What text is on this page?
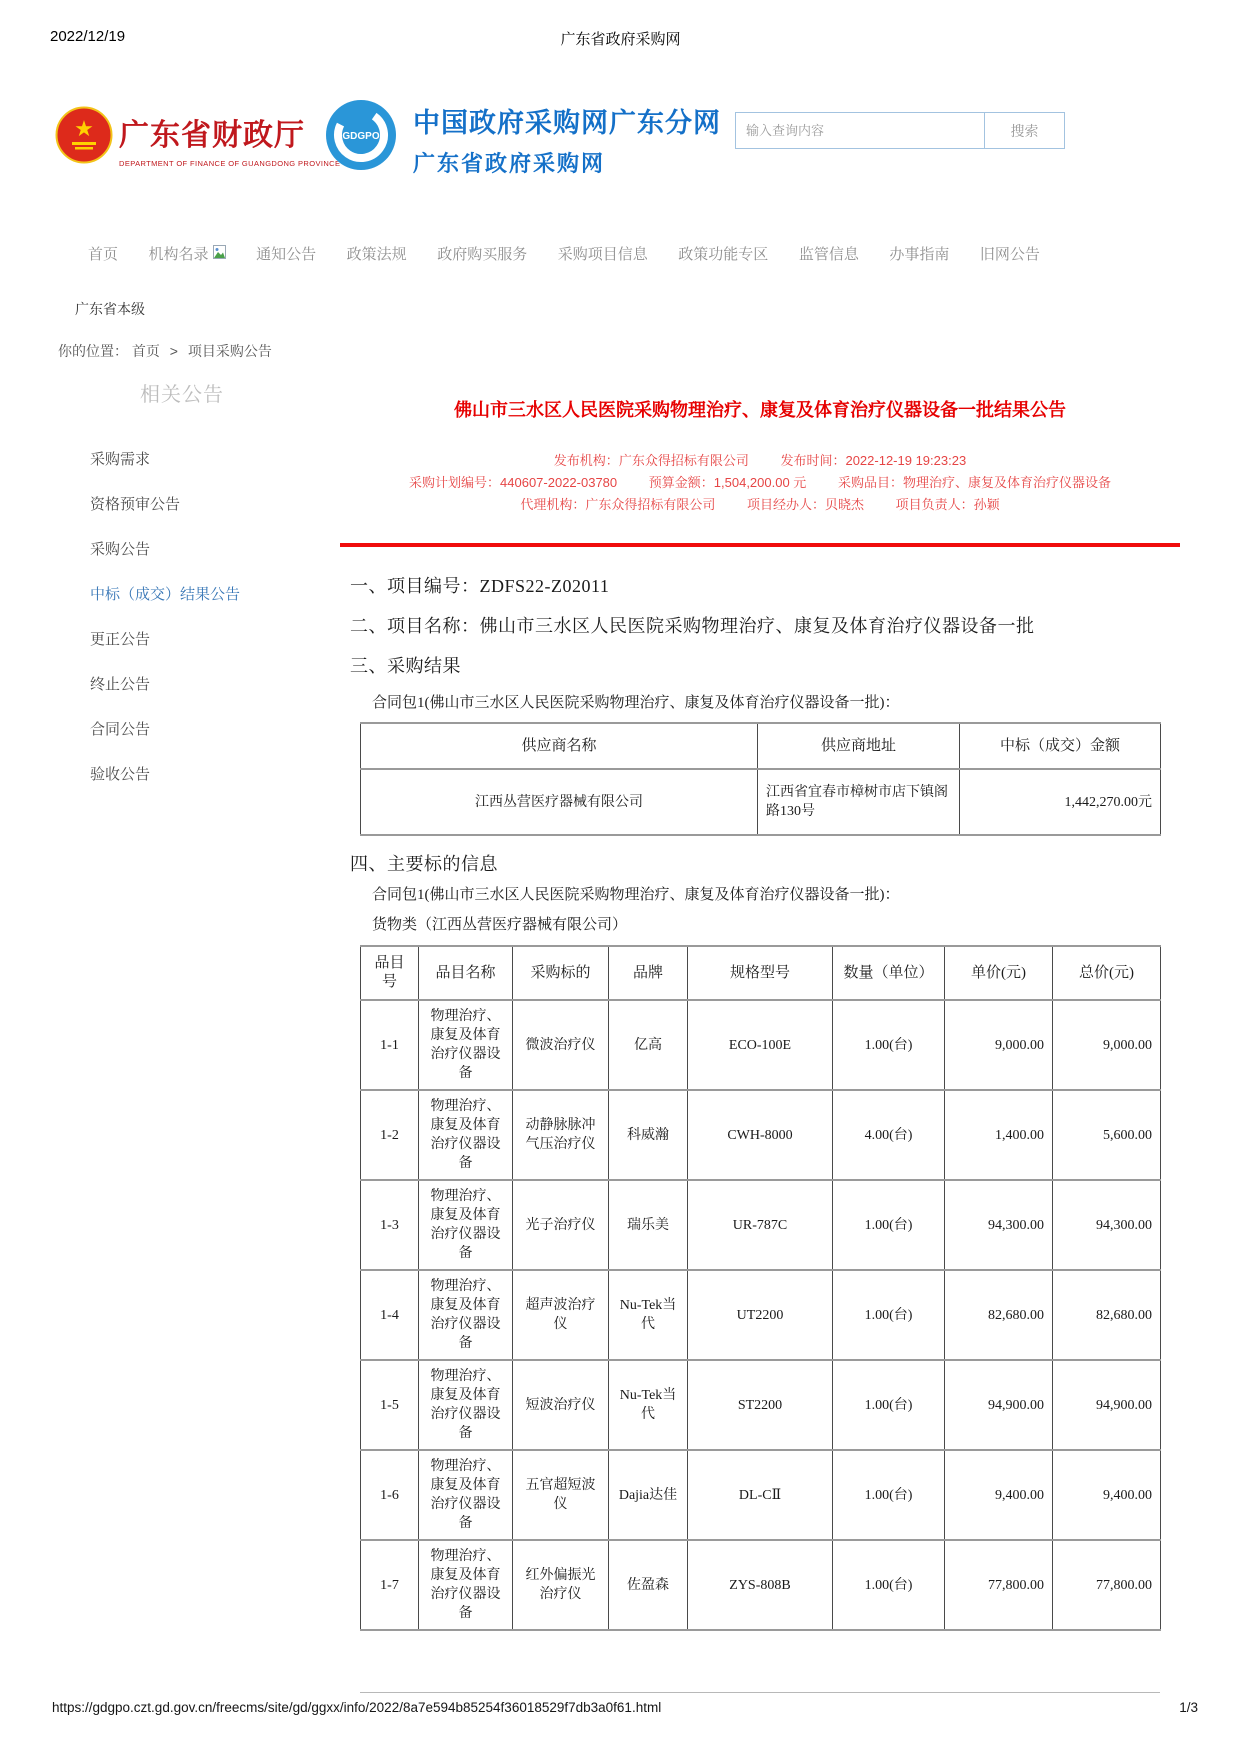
2022/12/19	广东省政府采购网
★ 广东省财政厅
DEPARTMENT OF FINANCE OF GUANGDONG PROVINCE
GDGPO 中国政府采购网广东分网
广东省政府采购网
输入查询内容
搜索
首页 机构名录	通知公告 政策法规 政府购买服务 采购项目信息 政策功能专区 监管信息 办事指南 旧网公告
广东省本级
你的位置： 首页 > 项目采购公告
相关公告
采购需求
资格预审公告
采购公告
中标（成交）结果公告
更正公告
终止公告
合同公告
验收公告
佛山市三水区人民医院采购物理治疗、康复及体育治疗仪器设备一批结果公告
发布机构：广东众得招标有限公司 发布时间：2022-12-19 19:23:23
采购计划编号：440607-2022-03780 预算金额：1,504,200.00 元 采购品目：物理治疗、康复及体育治疗仪器设备
代理机构：广东众得招标有限公司 项目经办人：贝晓杰 项目负责人：孙颖
一、项目编号：ZDFS22-Z02011
二、项目名称：佛山市三水区人民医院采购物理治疗、康复及体育治疗仪器设备一批
三、采购结果
合同包1(佛山市三水区人民医院采购物理治疗、康复及体育治疗仪器设备一批)：
供应商名称	供应商地址	中标（成交）金额
江西丛营医疗器械有限公司	江西省宜春市樟树市店下镇阁路130号	1,442,270.00元
四、主要标的信息
合同包1(佛山市三水区人民医院采购物理治疗、康复及体育治疗仪器设备一批)：
货物类（江西丛营医疗器械有限公司）
品目号	品目名称	采购标的	品牌	规格型号	数量（单位）	单价(元)	总价(元)
1-1	物理治疗、康复及体育治疗仪器设备	微波治疗仪	亿高	ECO-100E	1.00(台)	9,000.00	9,000.00
1-2	物理治疗、康复及体育治疗仪器设备	动静脉脉冲气压治疗仪	科威瀚	CWH-8000	4.00(台)	1,400.00	5,600.00
1-3	物理治疗、康复及体育治疗仪器设备	光子治疗仪	瑞乐美	UR-787C	1.00(台)	94,300.00	94,300.00
1-4	物理治疗、康复及体育治疗仪器设备	超声波治疗仪	Nu-Tek当代	UT2200	1.00(台)	82,680.00	82,680.00
1-5	物理治疗、康复及体育治疗仪器设备	短波治疗仪	Nu-Tek当代	ST2200	1.00(台)	94,900.00	94,900.00
1-6	物理治疗、康复及体育治疗仪器设备	五官超短波仪	Dajia达佳	DL-CⅡ	1.00(台)	9,400.00	9,400.00
1-7	物理治疗、康复及体育治疗仪器设备	红外偏振光治疗仪	佐盈森	ZYS-808B	1.00(台)	77,800.00	77,800.00
https://gdgpo.czt.gd.gov.cn/freecms/site/gd/ggxx/info/2022/8a7e594b85254f36018529f7db3a0f61.html	1/3
